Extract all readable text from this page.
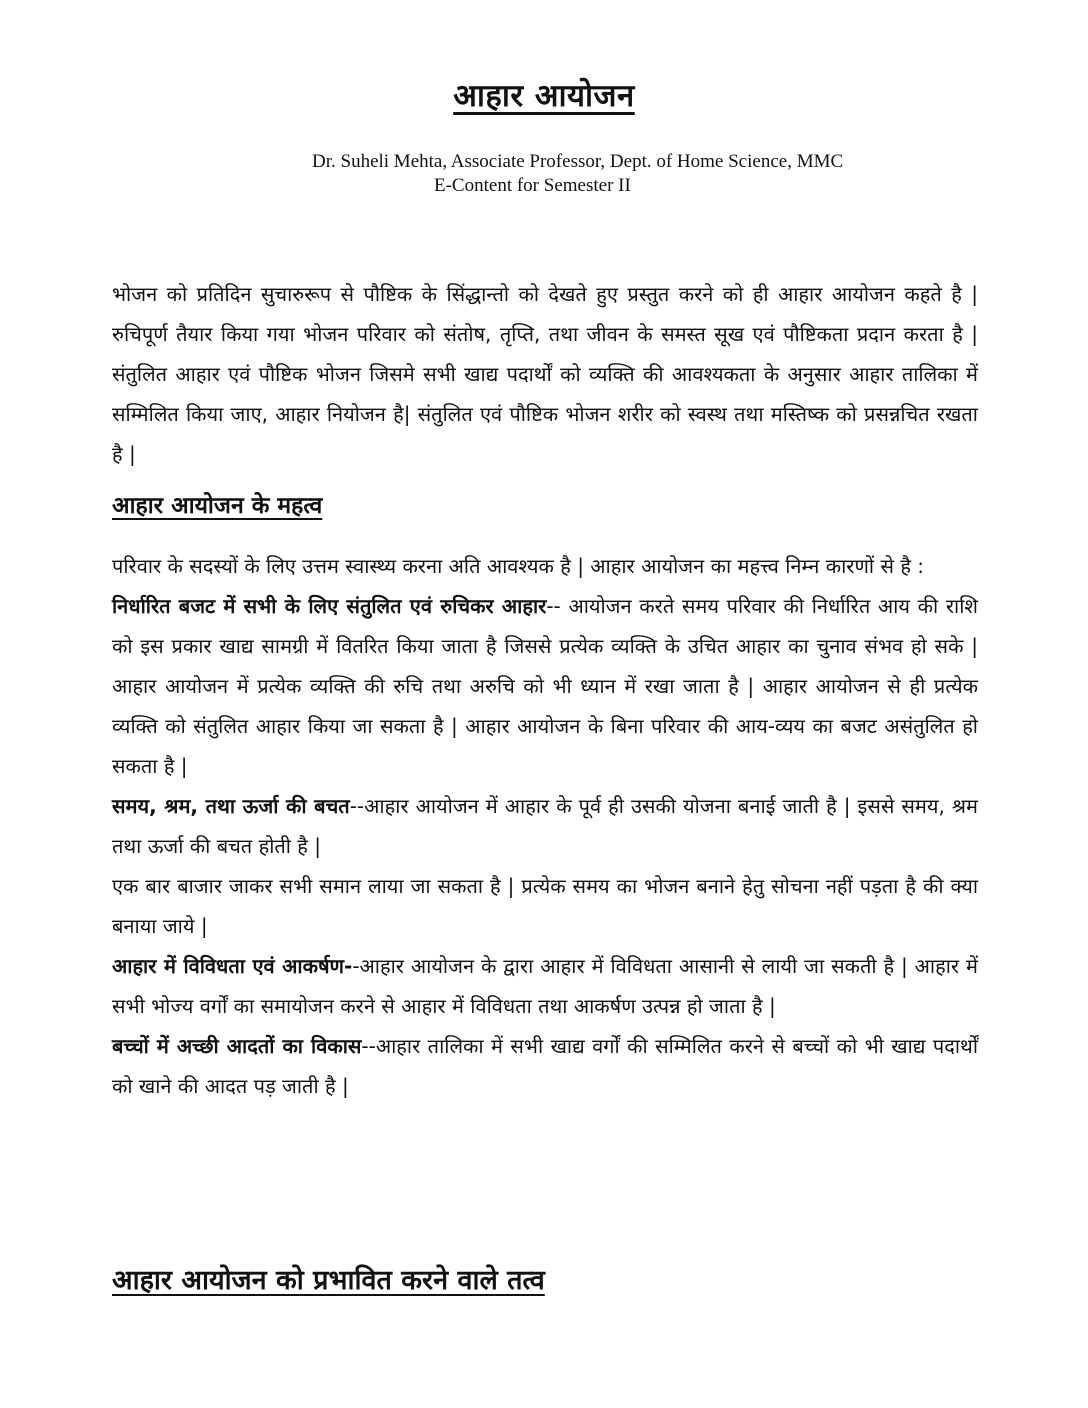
आहार आयोजन
Dr. Suheli Mehta, Associate Professor, Dept. of Home Science, MMC
E-Content for Semester II

भोजन को प्रतिदिन सुचारुरूप से पौष्टिक के सिंद्धान्तो को देखते हुए प्रस्तुत करने को ही आहार आयोजन कहते है | रुचिपूर्ण तैयार किया गया भोजन परिवार को संतोष, तृप्ति, तथा जीवन के समस्त सूख एवं पौष्टिकता प्रदान करता है | संतुलित आहार एवं पौष्टिक भोजन जिसमे सभी खाद्य पदार्थों को व्यक्ति की आवश्यकता के अनुसार आहार तालिका में सम्मिलित किया जाए, आहार नियोजन है| संतुलित एवं पौष्टिक भोजन शरीर को स्वस्थ तथा मस्तिष्क को प्रसन्नचित रखता है |

आहार आयोजन के महत्व

परिवार के सदस्यों के लिए उत्तम स्वास्थ्य करना अति आवश्यक है | आहार आयोजन का महत्त्व निम्न कारणों से है :

निर्धारित बजट में सभी के लिए संतुलित एवं रुचिकर आहार-- आयोजन करते समय परिवार की निर्धारित आय की राशि को इस प्रकार खाद्य सामग्री में वितरित किया जाता है जिससे प्रत्येक व्यक्ति के उचित आहार का चुनाव संभव हो सके | आहार आयोजन में प्रत्येक व्यक्ति की रुचि तथा अरुचि को भी ध्यान में रखा जाता है | आहार आयोजन से ही प्रत्येक व्यक्ति को संतुलित आहार किया जा सकता है | आहार आयोजन के बिना परिवार की आय-व्यय का बजट असंतुलित हो सकता है |

समय, श्रम, तथा ऊर्जा की बचत--आहार आयोजन में आहार के पूर्व ही उसकी योजना बनाई जाती है | इससे समय, श्रम तथा ऊर्जा की बचत होती है |

एक बार बाजार जाकर सभी समान लाया जा सकता है | प्रत्येक समय का भोजन बनाने हेतु सोचना नहीं पड़ता है की क्या बनाया जाये |

आहार में विविधता एवं आकर्षण--आहार आयोजन के द्वारा आहार में विविधता आसानी से लायी जा सकती है | आहार में सभी भोज्य वर्गों का समायोजन करने से आहार में विविधता तथा आकर्षण उत्पन्न हो जाता है |

बच्चों में अच्छी आदतों का विकास--आहार तालिका में सभी खाद्य वर्गों की सम्मिलित करने से बच्चों को भी खाद्य पदार्थों को खाने की आदत पड़ जाती है |

आहार आयोजन को प्रभावित करने वाले तत्व
